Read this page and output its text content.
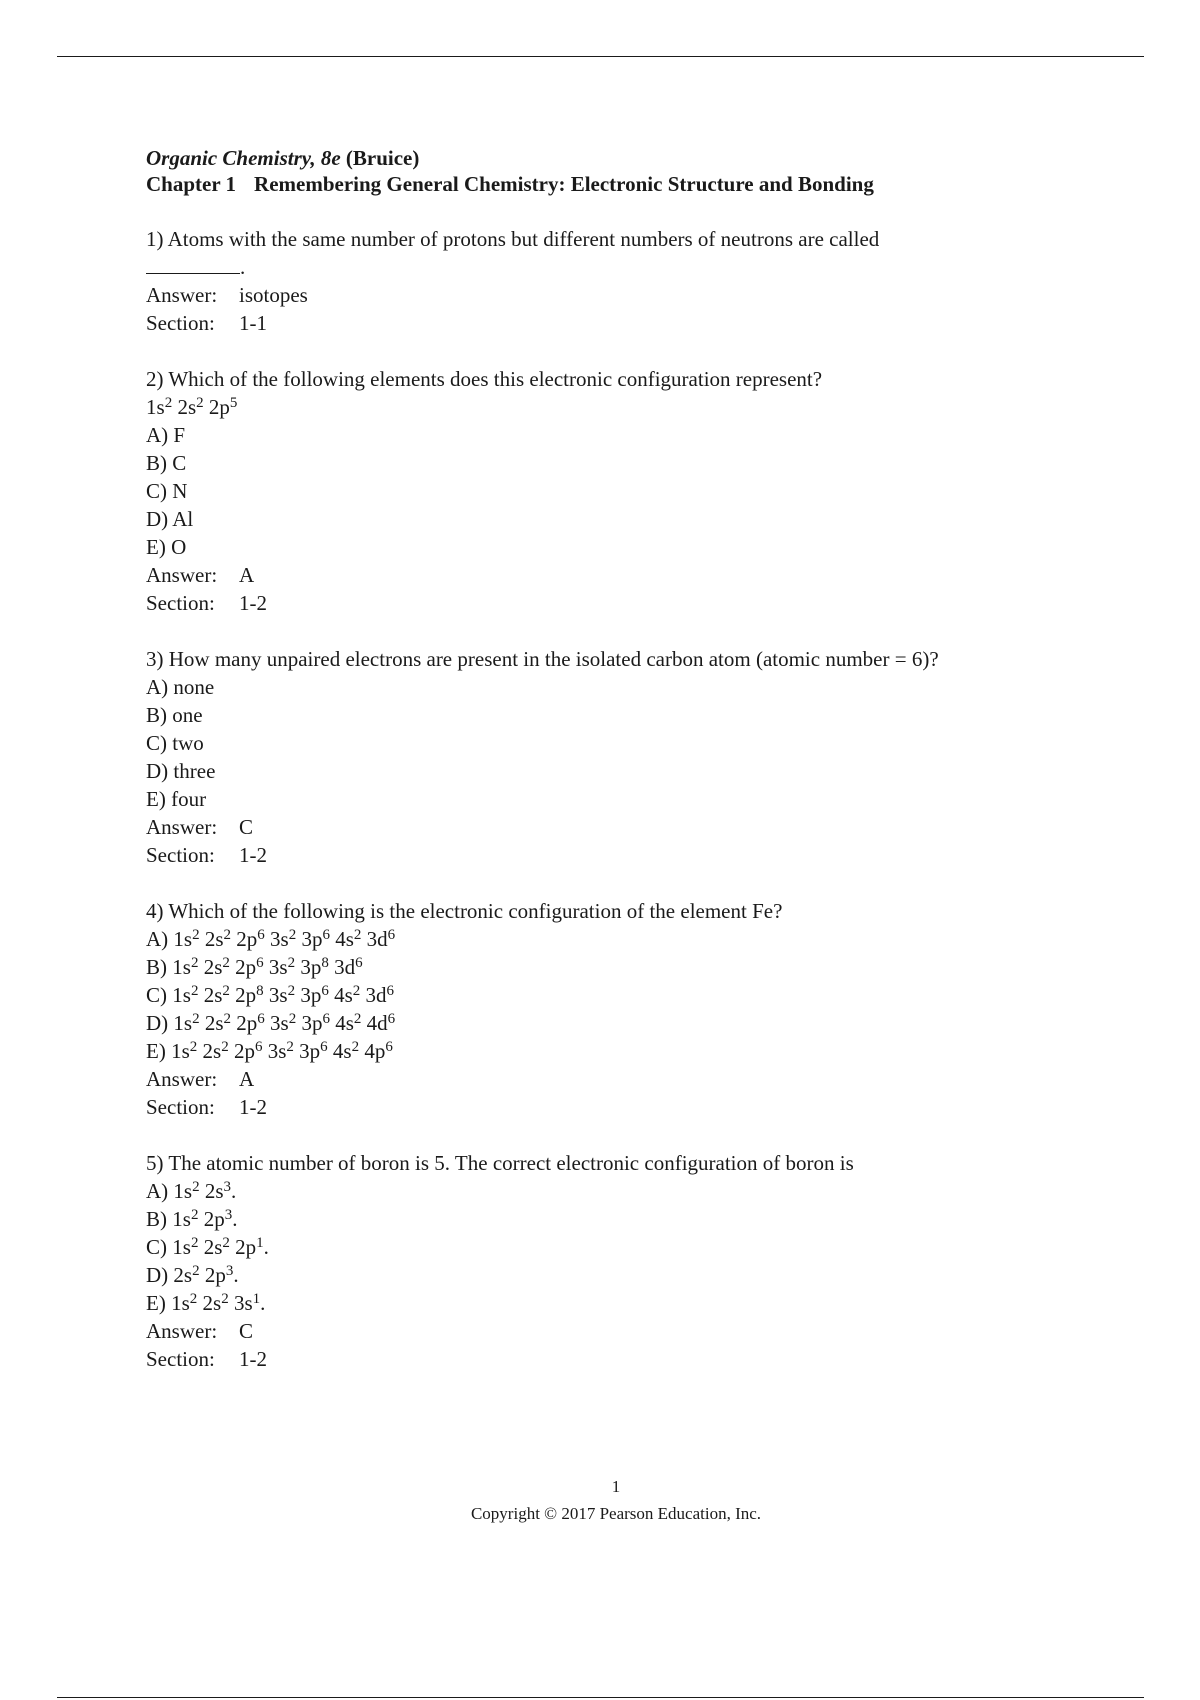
Organic Chemistry, 8e (Bruice)

Chapter 1 Remembering General Chemistry: Electronic Structure and Bonding

1) Atoms with the same number of protons but different numbers of neutrons are called

.

Answer: isotopes

Section: 1-1

2) Which of the following elements does this electronic configuration represent?

$1s^2$ $2s^2$ $2p^5$

A) F

B) C

C) N

D) Al

E) O

Answer: A

Section: 1-2

3) How many unpaired electrons are present in the isolated carbon atom (atomic number = 6)?

A) none

B) one

C) two

D) three

E) four

Answer: C

Section: 1-2

4) Which of the following is the electronic configuration of the element Fe?

A) $1s^2$ $2s^2$ $2p^6$ $3s^2$ $3p^6$ $4s^2$ $3d^6$

B) $1s^2$ $2s^2$ $2p^6$ $3s^2$ $3p^8$ $3d^6$

C) $1s^2$ $2s^2$ $2p^8$ $3s^2$ $3p^6$ $4s^2$ $3d^6$

D) $1s^2$ $2s^2$ $2p^6$ $3s^2$ $3p^6$ $4s^2$ $4d^6$

E) $1s^2$ $2s^2$ $2p^6$ $3s^2$ $3p^6$ $4s^2$ $4p^6$

Answer: A

Section: 1-2

5) The atomic number of boron is 5. The correct electronic configuration of boron is

A) $1s^2$ $2s^3$.

B) $1s^2$ $2p^3$.

C) $1s^2$ $2s^2$ $2p^1$.

D) $2s^2$ $2p^3$.

E) $1s^2$ $2s^2$ $3s^1$.

Answer: C

Section: 1-2

1
Copyright © 2017 Pearson Education, Inc.
